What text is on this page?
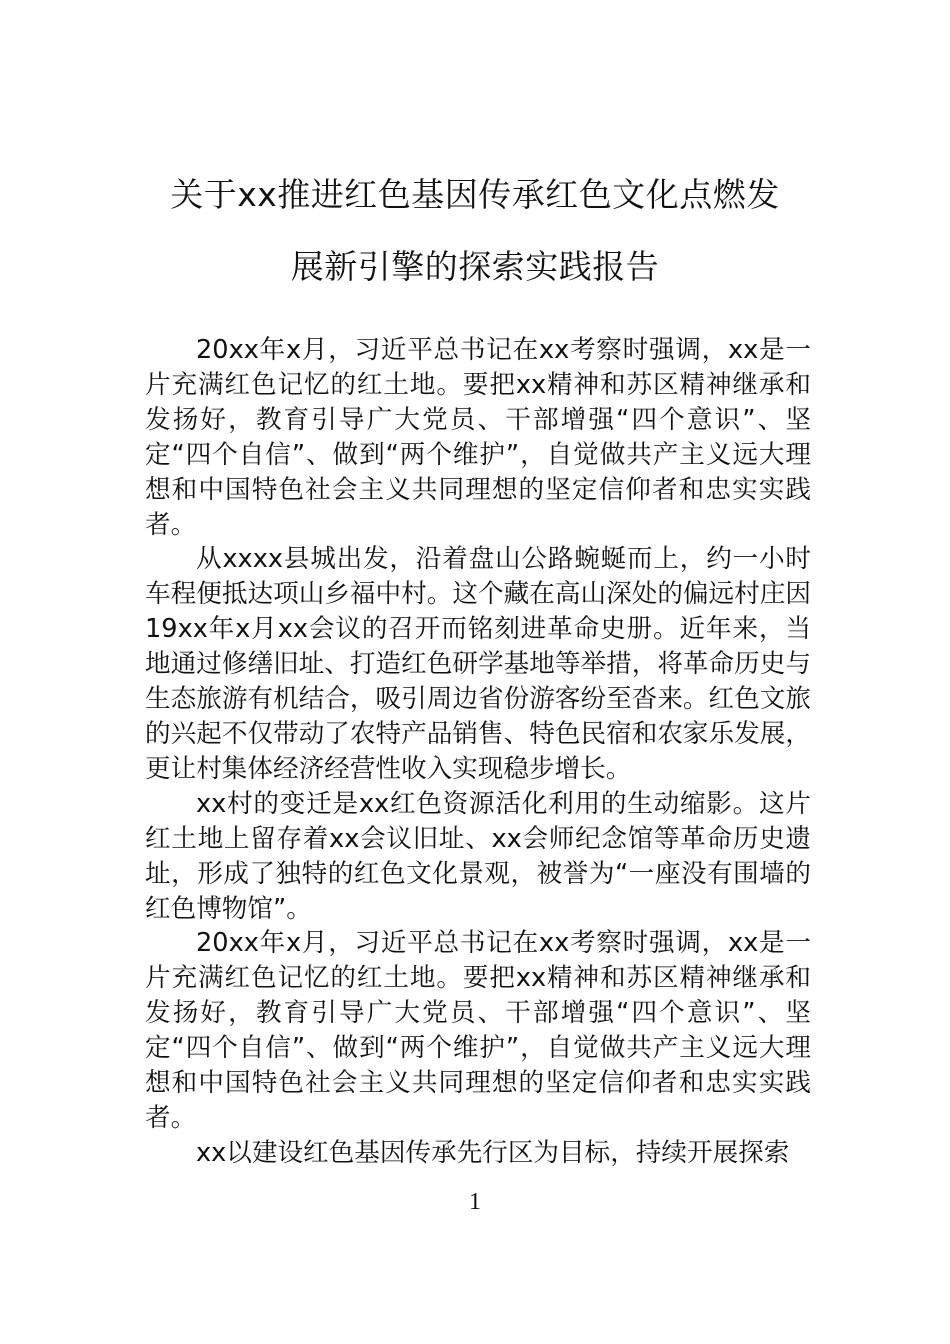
关于xx推进红色基因传承红色文化点燃发
展新引擎的探索实践报告

20xx年x月，习近平总书记在xx考察时强调，xx是一片充满红色记忆的红土地。要把xx精神和苏区精神继承和发扬好，教育引导广大党员、干部增强“四个意识”、坚定“四个自信”、做到“两个维护”，自觉做共产主义远大理想和中国特色社会主义共同理想的坚定信仰者和忠实实践者。

从xxxx县城出发，沿着盘山公路蜿蜒而上，约一小时车程便抵达项山乡福中村。这个藏在高山深处的偏远村庄因19xx年x月xx会议的召开而铭刻进革命史册。近年来，当地通过修缮旧址、打造红色研学基地等举措，将革命历史与生态旅游有机结合，吸引周边省份游客纷至沓来。红色文旅的兴起不仅带动了农特产品销售、特色民宿和农家乐发展，更让村集体经济经营性收入实现稳步增长。

xx村的变迁是xx红色资源活化利用的生动缩影。这片红土地上留存着xx会议旧址、xx会师纪念馆等革命历史遗址，形成了独特的红色文化景观，被誉为“一座没有围墙的红色博物馆”。

20xx年x月，习近平总书记在xx考察时强调，xx是一片充满红色记忆的红土地。要把xx精神和苏区精神继承和发扬好，教育引导广大党员、干部增强“四个意识”、坚定“四个自信”、做到“两个维护”，自觉做共产主义远大理想和中国特色社会主义共同理想的坚定信仰者和忠实实践者。

xx以建设红色基因传承先行区为目标，持续开展探索

1
